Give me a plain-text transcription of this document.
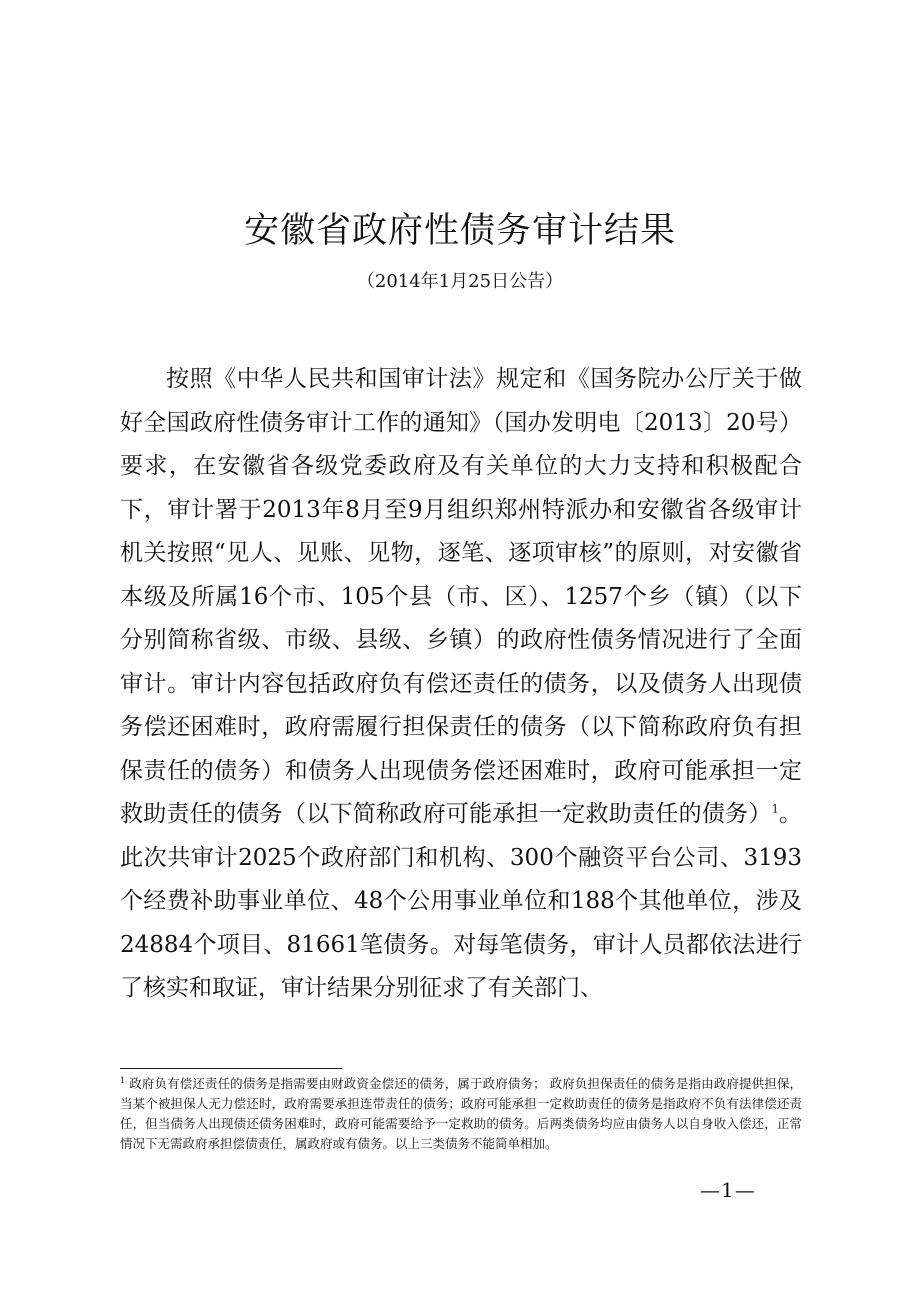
安徽省政府性债务审计结果
（2014年1月25日公告）

按照《中华人民共和国审计法》规定和《国务院办公厅关于做好全国政府性债务审计工作的通知》（国办发明电〔2013〕20号）要求，在安徽省各级党委政府及有关单位的大力支持和积极配合下，审计署于2013年8月至9月组织郑州特派办和安徽省各级审计机关按照“见人、见账、见物，逐笔、逐项审核”的原则，对安徽省本级及所属16个市、105个县（市、区）、1257个乡（镇）（以下分别简称省级、市级、县级、乡镇）的政府性债务情况进行了全面审计。审计内容包括政府负有偿还责任的债务，以及债务人出现债务偿还困难时，政府需履行担保责任的债务（以下简称政府负有担保责任的债务）和债务人出现债务偿还困难时，政府可能承担一定救助责任的债务（以下简称政府可能承担一定救助责任的债务）$^1$。此次共审计2025个政府部门和机构、300个融资平台公司、3193个经费补助事业单位、48个公用事业单位和188个其他单位，涉及24884个项目、81661笔债务。对每笔债务，审计人员都依法进行了核实和取证，审计结果分别征求了有关部门、

$^1$ 政府负有偿还责任的债务是指需要由财政资金偿还的债务，属于政府债务； 政府负担保责任的债务是指由政府提供担保，当某个被担保人无力偿还时，政府需要承担连带责任的债务；政府可能承担一定救助责任的债务是指政府不负有法律偿还责任，但当债务人出现债还债务困难时，政府可能需要给予一定救助的债务。后两类债务均应由债务人以自身收入偿还，正常情况下无需政府承担偿债责任，属政府或有债务。以上三类债务不能简单相加。

—1—
